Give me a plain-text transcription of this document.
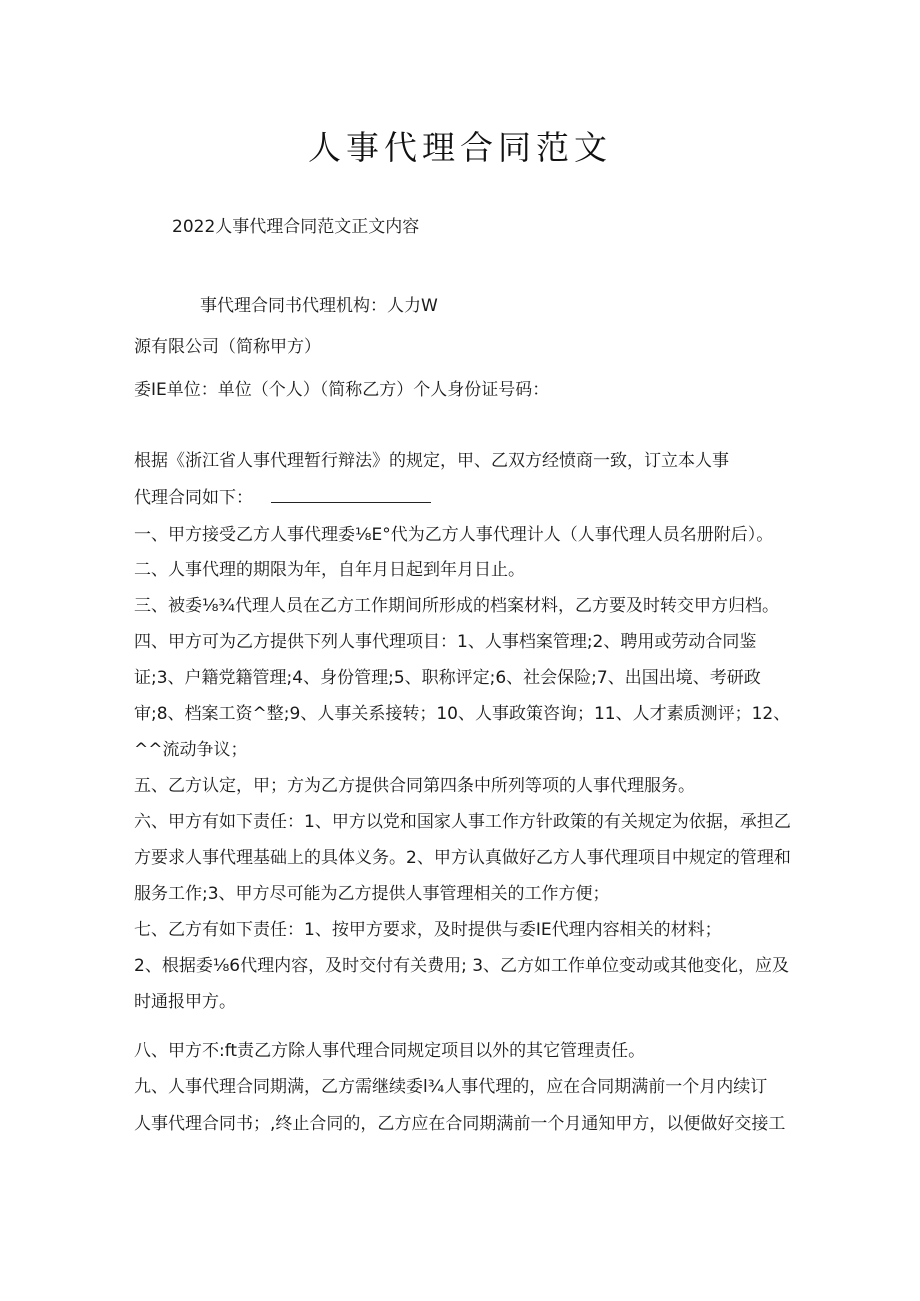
人事代理合同范文
2022人事代理合同范文正文内容
事代理合同书代理机构：人力W
源有限公司（简称甲方）
委IE单位：单位（个人）（简称乙方）个人身份证号码：
根据《浙江省人事代理暂行辩法》的规定，甲、乙双方经愤商一致，订立本人事
代理合同如下：
一、甲方接受乙方人事代理委⅛E°代为乙方人事代理计人（人事代理人员名册附后）。
二、人事代理的期限为年，自年月日起到年月日止。
三、被委⅛¾代理人员在乙方工作期间所形成的档案材料，乙方要及时转交甲方归档。
四、甲方可为乙方提供下列人事代理项目：1、人事档案管理;2、聘用或劳动合同鉴
证;3、户籍党籍管理;4、身份管理;5、职称评定;6、社会保险;7、出国出境、考研政
审;8、档案工资^整;9、人事关系接转；10、人事政策咨询；11、人才素质测评；12、
^^流动争议；
五、乙方认定，甲；方为乙方提供合同第四条中所列等项的人事代理服务。
六、甲方有如下责任：1、甲方以党和国家人事工作方针政策的有关规定为依据，承担乙
方要求人事代理基础上的具体义务。2、甲方认真做好乙方人事代理项目中规定的管理和
服务工作;3、甲方尽可能为乙方提供人事管理相关的工作方便；
七、乙方有如下责任：1、按甲方要求，及时提供与委IE代理内容相关的材料；
2、根据委⅛6代理内容，及时交付有关费用; 3、乙方如工作单位变动或其他变化，应及
时通报甲方。
八、甲方不:ft责乙方除人事代理合同规定项目以外的其它管理责任。
九、人事代理合同期满，乙方需继续委l¾人事代理的，应在合同期满前一个月内续订
人事代理合同书；,终止合同的，乙方应在合同期满前一个月通知甲方，以便做好交接工
